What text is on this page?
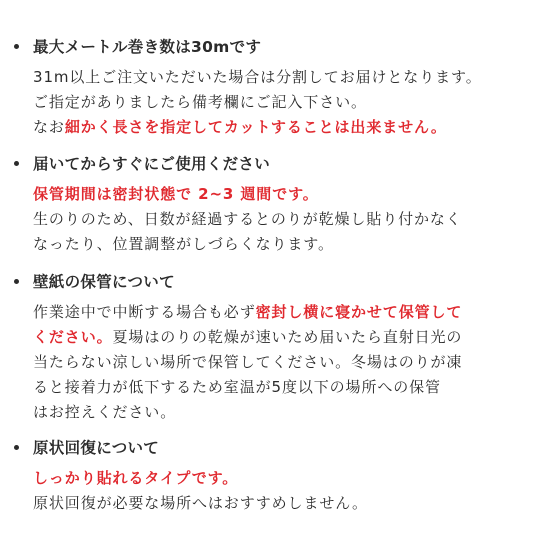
最大メートル巻き数は30mです
31m以上ご注文いただいた場合は分割してお届けとなります。
ご指定がありましたら備考欄にご記入下さい。
なお細かく長さを指定してカットすることは出来ません。
届いてからすぐにご使用ください
保管期間は密封状態で 2~3 週間です。
生のりのため、日数が経過するとのりが乾燥し貼り付かなく
なったり、位置調整がしづらくなります。
壁紙の保管について
作業途中で中断する場合も必ず密封し横に寝かせて保管して
ください。夏場はのりの乾燥が速いため届いたら直射日光の
当たらない涼しい場所で保管してください。冬場はのりが凍
ると接着力が低下するため室温が5度以下の場所への保管
はお控えください。
原状回復について
しっかり貼れるタイプです。
原状回復が必要な場所へはおすすめしません。
